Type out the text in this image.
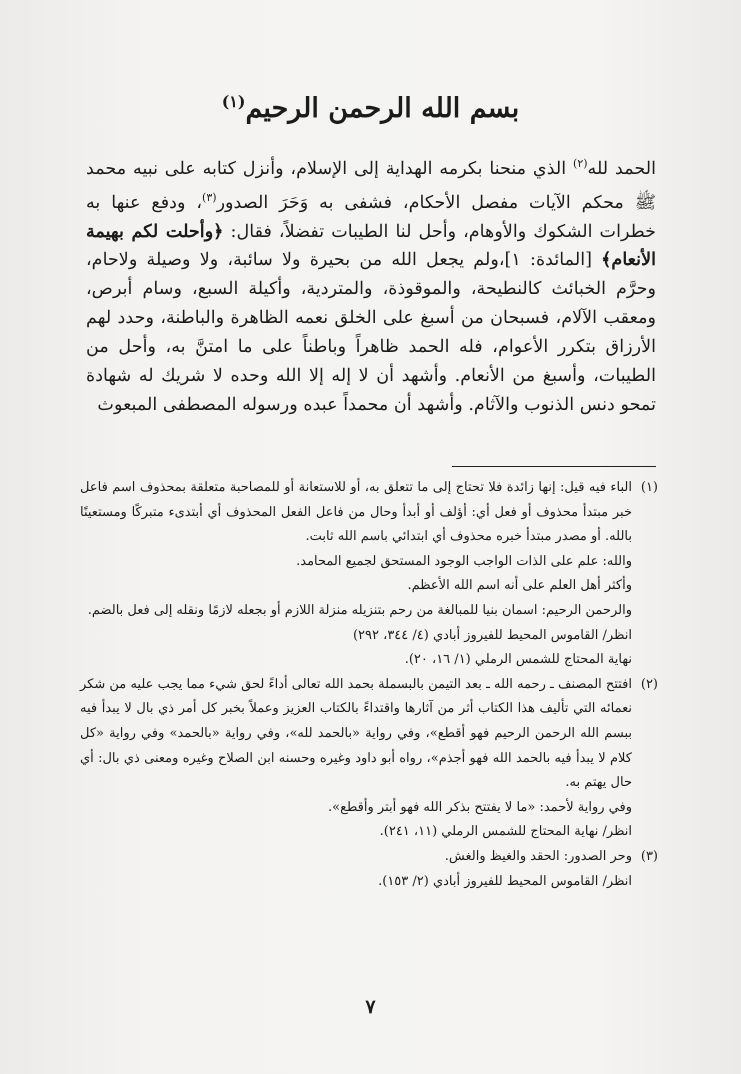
بسم الله الرحمن الرحيم$^{(١)}$

الحمد لله$^{(٢)}$ الذي منحنا بكرمه الهداية إلى الإسلام، وأنزل كتابه على نبيه محمد ﷺ محكم الآيات مفصل الأحكام، فشفى به وَحَرَ الصدور$^{(٣)}$، ودفع عنها به خطرات الشكوك والأوهام، وأحل لنا الطيبات تفضلاً، فقال: ﴿وأحلت لكم بهيمة الأنعام﴾ [المائدة: ١]،ولم يجعل الله من بحيرة ولا سائبة، ولا وصيلة ولاحام، وحرَّم الخبائث كالنطيحة، والموقوذة، والمتردية، وأكيلة السبع، وسام أبرص، ومعقب الآلام، فسبحان من أسبغ على الخلق نعمه الظاهرة والباطنة، وحدد لهم الأرزاق بتكرر الأعوام، فله الحمد ظاهراً وباطناً على ما امتنَّ به، وأحل من الطيبات، وأسبغ من الأنعام. وأشهد أن لا إله إلا الله وحده لا شريك له شهادة تمحو دنس الذنوب والآثام. وأشهد أن محمداً عبده ورسوله المصطفى المبعوث

(١)الباء فيه قيل: إنها زائدة فلا تحتاج إلى ما تتعلق به، أو للاستعانة أو للمصاحبة متعلقة بمحذوف اسم فاعل خبر مبتدأ محذوف أو فعل أي: أؤلف أو أبدأ وحال من فاعل الفعل المحذوف أي أبتدىء متبركًا ومستعينًا بالله. أو مصدر مبتدأ خبره محذوف أي ابتدائي باسم الله ثابت.

والله: علم على الذات الواجب الوجود المستحق لجميع المحامد.

وأكثر أهل العلم على أنه اسم الله الأعظم.

والرحمن الرحيم: اسمان بنيا للمبالغة من رحم بتنزيله منزلة اللازم أو بجعله لازمًا ونقله إلى فعل بالضم.

انظر/ القاموس المحيط للفيروز أبادي (٤/ ٣٤٤، ٢٩٢)

نهاية المحتاج للشمس الرملي (١/ ١٦، ٢٠).

(٢)افتتح المصنف ـ رحمه الله ـ بعد التيمن بالبسملة بحمد الله تعالى أداءً لحق شيء مما يجب عليه من شكر نعمائه التي تأليف هذا الكتاب أثر من آثارها واقتداءً بالكتاب العزيز وعملاً بخبر كل أمر ذي بال لا يبدأ فيه ببسم الله الرحمن الرحيم فهو أقطع»، وفي رواية «بالحمد لله»، وفي رواية «بالحمد» وفي رواية «كل كلام لا يبدأ فيه بالحمد الله فهو أجذم»، رواه أبو داود وغيره وحسنه ابن الصلاح وغيره ومعنى ذي بال: أي حال يهتم به.

وفي رواية لأحمد: «ما لا يفتتح بذكر الله فهو أبتر وأقطع».

انظر/ نهاية المحتاج للشمس الرملي (١١، ٢٤١).

(٣)وحر الصدور: الحقد والغيظ والغش.

انظر/ القاموس المحيط للفيروز أبادي (٢/ ١٥٣).

٧
